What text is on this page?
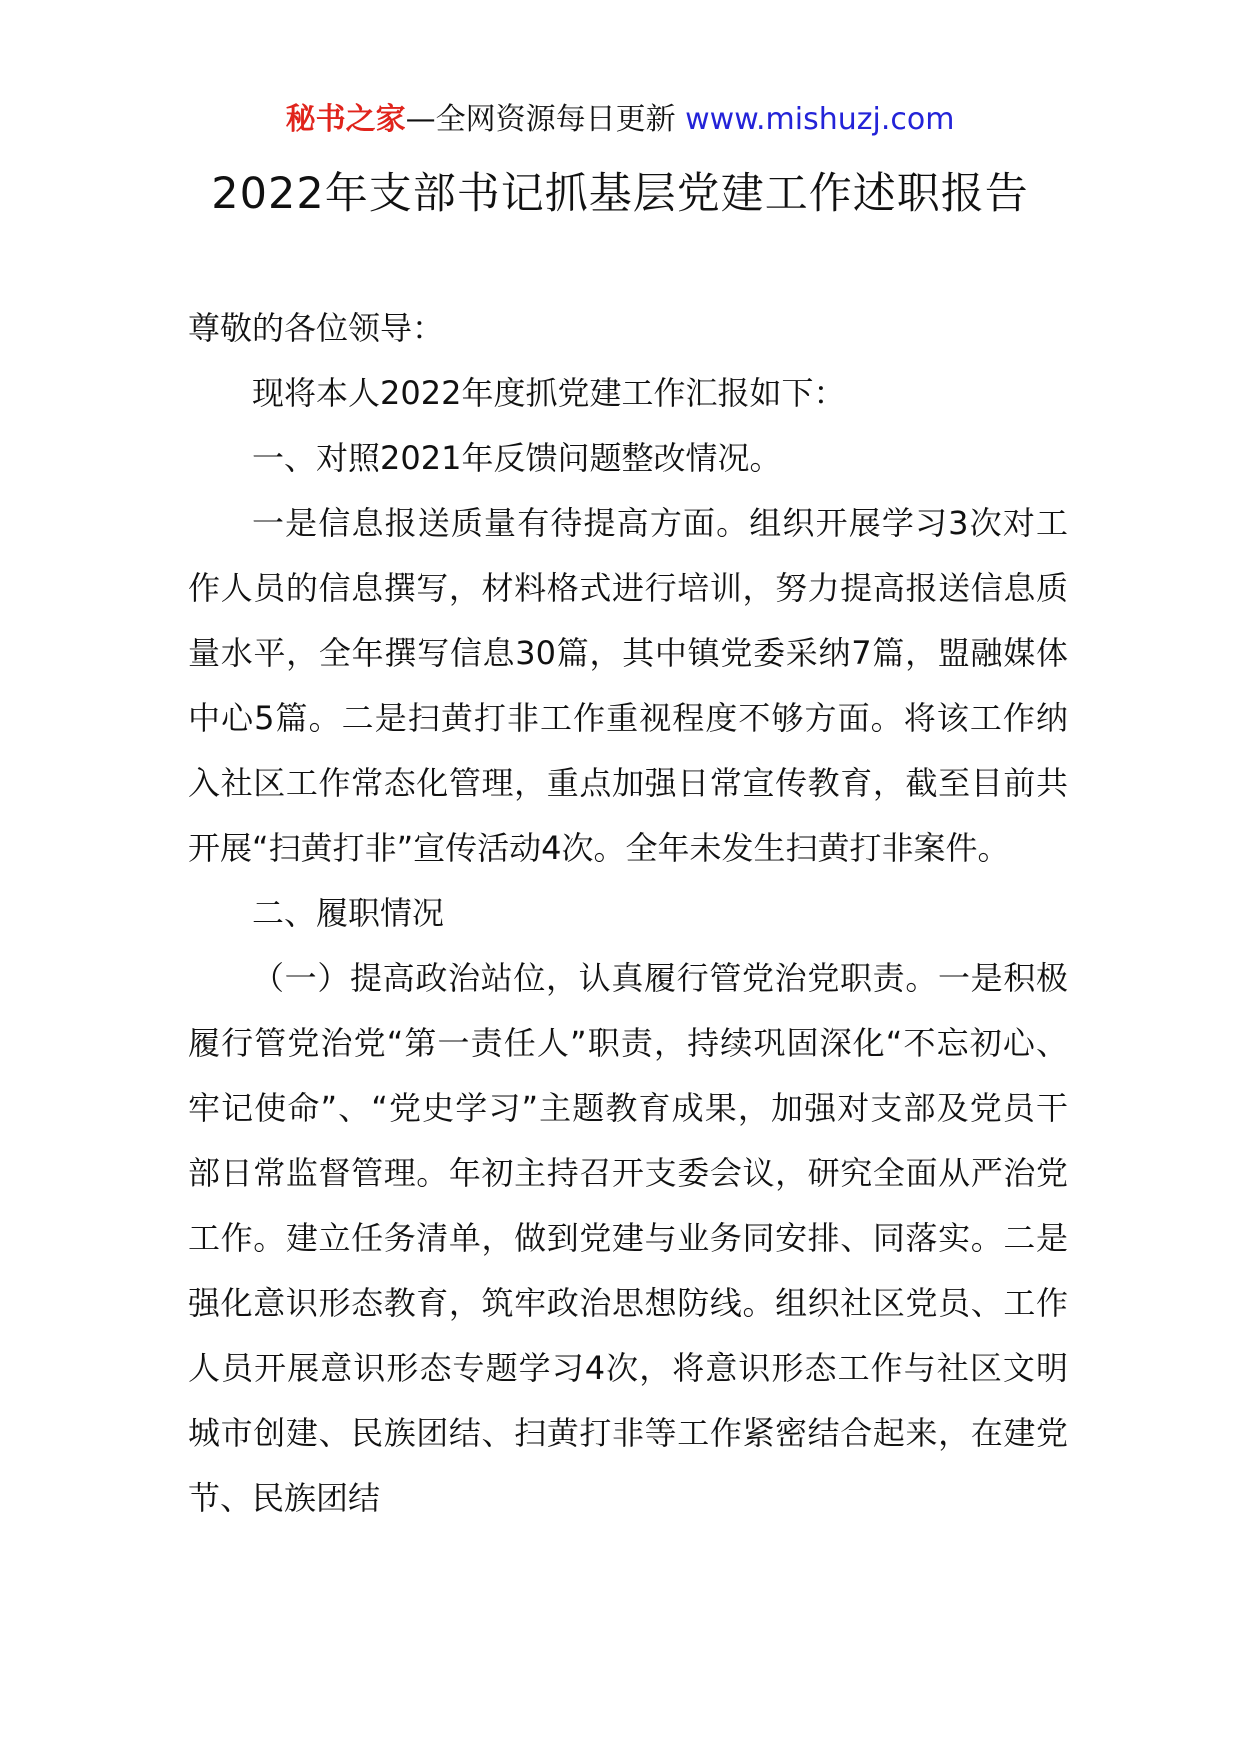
秘书之家—全网资源每日更新 www.mishuzj.com
2022年支部书记抓基层党建工作述职报告

尊敬的各位领导：

现将本人2022年度抓党建工作汇报如下：

一、对照2021年反馈问题整改情况。

一是信息报送质量有待提高方面。组织开展学习3次对工作人员的信息撰写，材料格式进行培训，努力提高报送信息质量水平，全年撰写信息30篇，其中镇党委采纳7篇，盟融媒体中心5篇。二是扫黄打非工作重视程度不够方面。将该工作纳入社区工作常态化管理，重点加强日常宣传教育，截至目前共开展“扫黄打非”宣传活动4次。全年未发生扫黄打非案件。

二、履职情况

（一）提高政治站位，认真履行管党治党职责。一是积极履行管党治党“第一责任人”职责，持续巩固深化“不忘初心、牢记使命”、“党史学习”主题教育成果，加强对支部及党员干部日常监督管理。年初主持召开支委会议，研究全面从严治党工作。建立任务清单，做到党建与业务同安排、同落实。二是强化意识形态教育，筑牢政治思想防线。组织社区党员、工作人员开展意识形态专题学习4次，将意识形态工作与社区文明城市创建、民族团结、扫黄打非等工作紧密结合起来，在建党节、民族团结
